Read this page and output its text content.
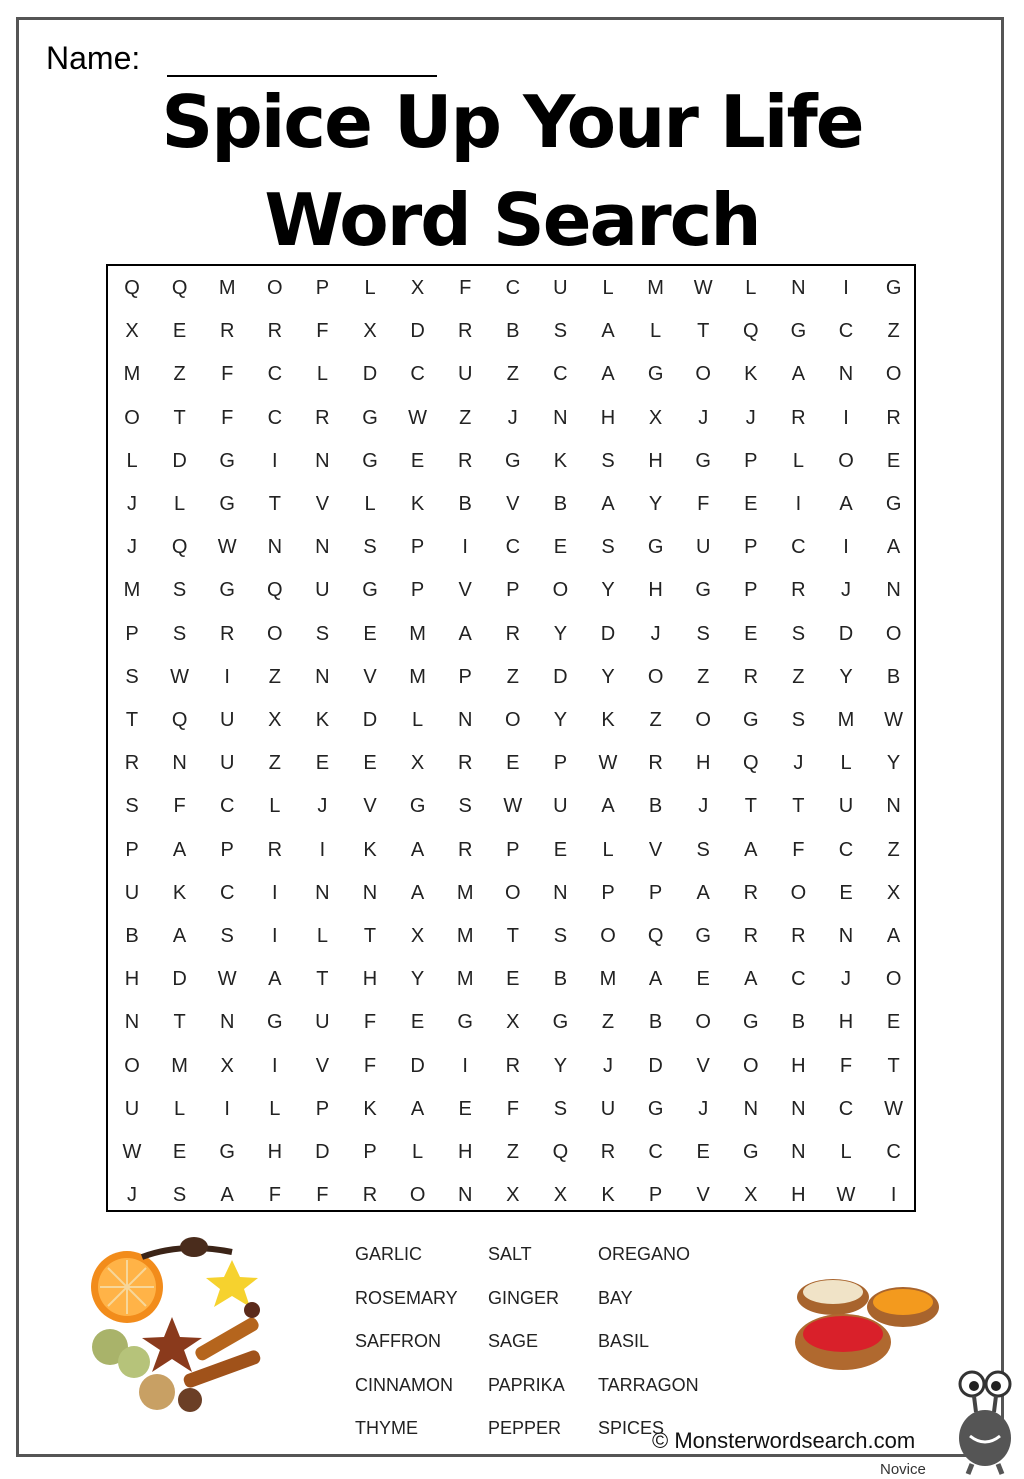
Name:
Spice Up Your Life
Word Search
Q	Q	M	O	P	L	X	F	C	U	L	M	W	L	N	I	G
X	E	R	R	F	X	D	R	B	S	A	L	T	Q	G	C	Z
M	Z	F	C	L	D	C	U	Z	C	A	G	O	K	A	N	O
O	T	F	C	R	G	W	Z	J	N	H	X	J	J	R	I	R
L	D	G	I	N	G	E	R	G	K	S	H	G	P	L	O	E
J	L	G	T	V	L	K	B	V	B	A	Y	F	E	I	A	G
J	Q	W	N	N	S	P	I	C	E	S	G	U	P	C	I	A
M	S	G	Q	U	G	P	V	P	O	Y	H	G	P	R	J	N
P	S	R	O	S	E	M	A	R	Y	D	J	S	E	S	D	O
S	W	I	Z	N	V	M	P	Z	D	Y	O	Z	R	Z	Y	B
T	Q	U	X	K	D	L	N	O	Y	K	Z	O	G	S	M	W
R	N	U	Z	E	E	X	R	E	P	W	R	H	Q	J	L	Y
S	F	C	L	J	V	G	S	W	U	A	B	J	T	T	U	N
P	A	P	R	I	K	A	R	P	E	L	V	S	A	F	C	Z
U	K	C	I	N	N	A	M	O	N	P	P	A	R	O	E	X
B	A	S	I	L	T	X	M	T	S	O	Q	G	R	R	N	A
H	D	W	A	T	H	Y	M	E	B	M	A	E	A	C	J	O
N	T	N	G	U	F	E	G	X	G	Z	B	O	G	B	H	E
O	M	X	I	V	F	D	I	R	Y	J	D	V	O	H	F	T
U	L	I	L	P	K	A	E	F	S	U	G	J	N	N	C	W
W	E	G	H	D	P	L	H	Z	Q	R	C	E	G	N	L	C
J	S	A	F	F	R	O	N	X	X	K	P	V	X	H	W	I
GARLIC
ROSEMARY
SAFFRON
CINNAMON
THYME
SALT
GINGER
SAGE
PAPRIKA
PEPPER
OREGANO
BAY
BASIL
TARRAGON
SPICES
© Monsterwordsearch.com
Novice
